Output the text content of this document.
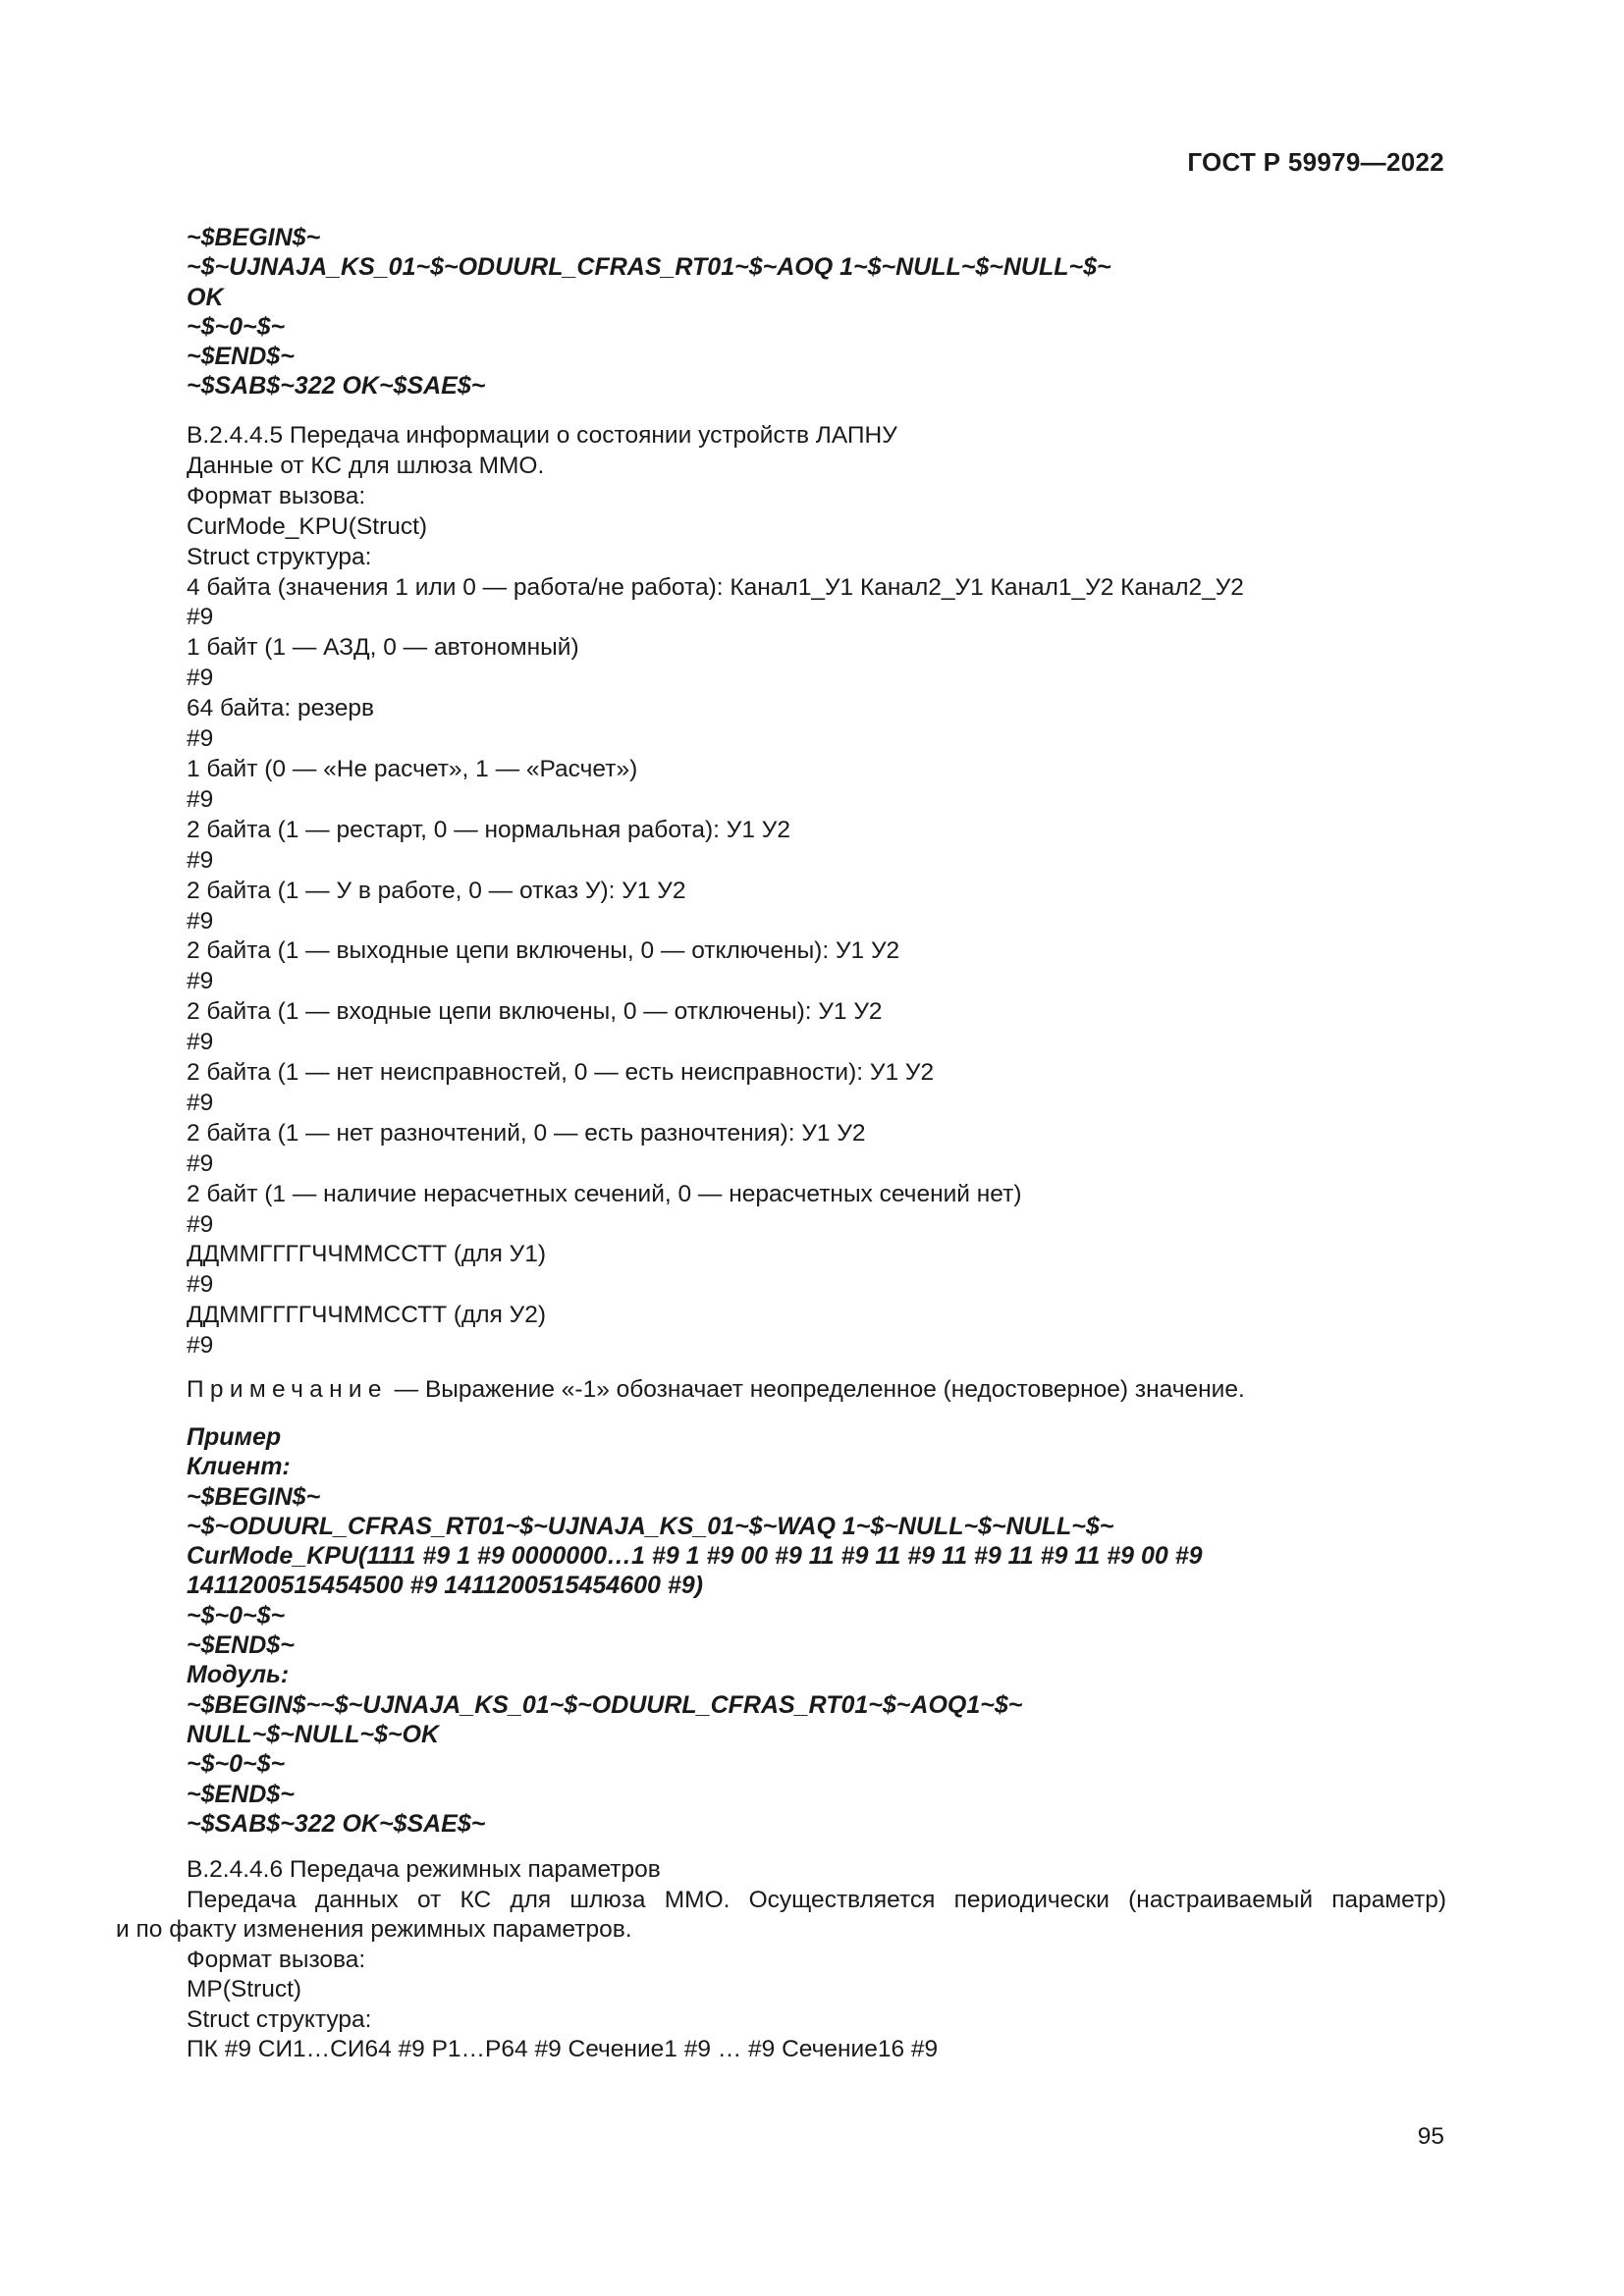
ГОСТ Р 59979—2022
~$BEGIN$~
~$~UJNAJA_KS_01~$~ODUURL_CFRAS_RT01~$~AOQ 1~$~NULL~$~NULL~$~
OK
~$~0~$~
~$END$~
~$SAB$~322 OK~$SAE$~
В.2.4.4.5 Передача информации о состоянии устройств ЛАПНУ
Данные от КС для шлюза ММО.
Формат вызова:
CurMode_KPU(Struct)
Struct структура:
4 байта (значения 1 или 0 — работа/не работа): Канал1_У1 Канал2_У1 Канал1_У2 Канал2_У2
#9
1 байт (1 — АЗД, 0 — автономный)
#9
64 байта: резерв
#9
1 байт (0 — «Не расчет», 1 — «Расчет»)
#9
2 байта (1 — рестарт, 0 — нормальная работа): У1 У2
#9
2 байта (1 — У в работе, 0 — отказ У): У1 У2
#9
2 байта (1 — выходные цепи включены, 0 — отключены): У1 У2
#9
2 байта (1 — входные цепи включены, 0 — отключены): У1 У2
#9
2 байта (1 — нет неисправностей, 0 — есть неисправности): У1 У2
#9
2 байта (1 — нет разночтений, 0 — есть разночтения): У1 У2
#9
2 байт (1 — наличие нерасчетных сечений, 0 — нерасчетных сечений нет)
#9
ДДММГГГГЧЧММССТТ (для У1)
#9
ДДММГГГГЧЧММССТТ (для У2)
#9
Примечание — Выражение «-1» обозначает неопределенное (недостоверное) значение.
Пример
Клиент:
~$BEGIN$~
~$~ODUURL_CFRAS_RT01~$~UJNAJA_KS_01~$~WAQ 1~$~NULL~$~NULL~$~
CurMode_KPU(1111 #9 1 #9 0000000…1 #9 1 #9 00 #9 11 #9 11 #9 11 #9 11 #9 11 #9 00 #9
1411200515454500 #9 1411200515454600 #9)
~$~0~$~
~$END$~
Модуль:
~$BEGIN$~~$~UJNAJA_KS_01~$~ODUURL_CFRAS_RT01~$~AOQ1~$~
NULL~$~NULL~$~OK
~$~0~$~
~$END$~
~$SAB$~322 OK~$SAE$~
В.2.4.4.6 Передача режимных параметров
Передача данных от КС для шлюза ММО. Осуществляется периодически (настраиваемый параметр)
и по факту изменения режимных параметров.
Формат вызова:
MP(Struct)
Struct структура:
ПК #9 СИ1…СИ64 #9 Р1…Р64 #9 Сечение1 #9 … #9 Сечение16 #9
95
